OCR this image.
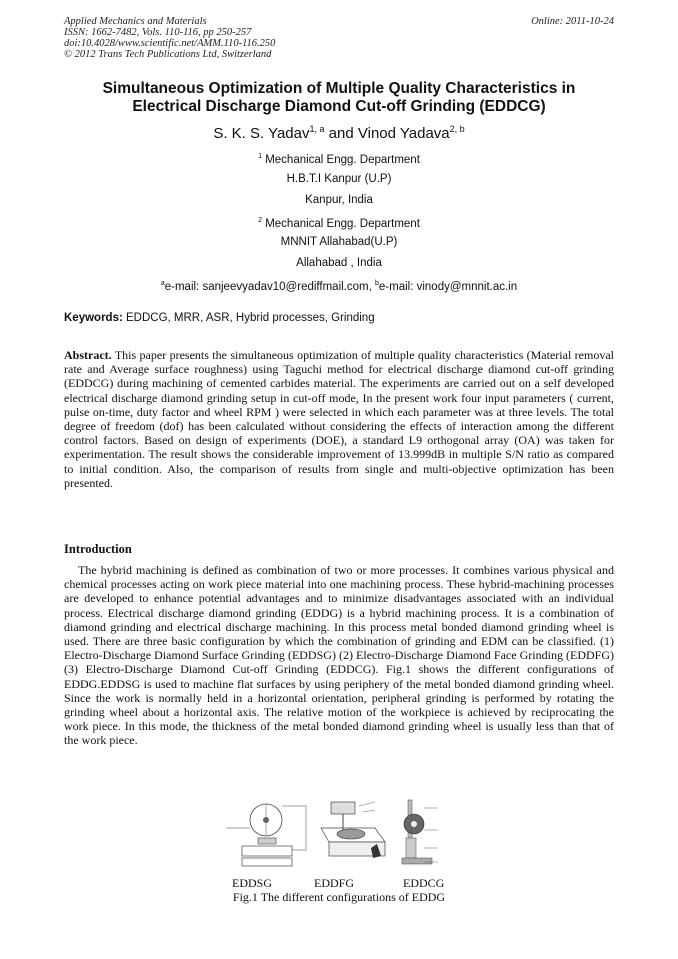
Applied Mechanics and Materials
ISSN: 1662-7482, Vols. 110-116, pp 250-257
doi:10.4028/www.scientific.net/AMM.110-116.250
© 2012 Trans Tech Publications Ltd, Switzerland
Online: 2011-10-24
Simultaneous Optimization of Multiple Quality Characteristics in
Electrical Discharge Diamond Cut-off Grinding (EDDCG)
S. K. S. Yadav$^{1, a}$ and Vinod Yadava$^{2, b}$
$^1$ Mechanical Engg. Department
H.B.T.I Kanpur (U.P)
Kanpur, India
$^2$ Mechanical Engg. Department
MNNIT Allahabad(U.P)
Allahabad , India
$^a$e-mail: sanjeevyadav10@rediffmail.com, $^b$e-mail: vinody@mnnit.ac.in
Keywords: EDDCG, MRR, ASR, Hybrid processes, Grinding
Abstract. This paper presents the simultaneous optimization of multiple quality characteristics (Material removal rate and Average surface roughness) using Taguchi method for electrical discharge diamond cut-off grinding (EDDCG) during machining of cemented carbides material. The experiments are carried out on a self developed electrical discharge diamond grinding setup in cut-off mode, In the present work four input parameters ( current, pulse on-time, duty factor and wheel RPM ) were selected in which each parameter was at three levels. The total degree of freedom (dof) has been calculated without considering the effects of interaction among the different control factors. Based on design of experiments (DOE), a standard L9 orthogonal array (OA) was taken for experimentation. The result shows the considerable improvement of 13.999dB in multiple S/N ratio as compared to initial condition. Also, the comparison of results from single and multi-objective optimization has been presented.
Introduction
The hybrid machining is defined as combination of two or more processes. It combines various physical and chemical processes acting on work piece material into one machining process. These hybrid-machining processes are developed to enhance potential advantages and to minimize disadvantages associated with an individual process. Electrical discharge diamond grinding (EDDG) is a hybrid machining process. It is a combination of diamond grinding and electrical discharge machining. In this process metal bonded diamond grinding wheel is used. There are three basic configuration by which the combination of grinding and EDM can be classified. (1) Electro-Discharge Diamond Surface Grinding (EDDSG) (2) Electro-Discharge Diamond Face Grinding (EDDFG) (3) Electro-Discharge Diamond Cut-off Grinding (EDDCG). Fig.1 shows the different configurations of EDDG.EDDSG is used to machine flat surfaces by using periphery of the metal bonded diamond grinding wheel. Since the work is normally held in a horizontal orientation, peripheral grinding is performed by rotating the grinding wheel about a horizontal axis. The relative motion of the workpiece is achieved by reciprocating the work piece. In this mode, the thickness of the metal bonded diamond grinding wheel is usually less than that of the work piece.
EDDSG	EDDFG	EDDCG
Fig.1 The different configurations of EDDG
